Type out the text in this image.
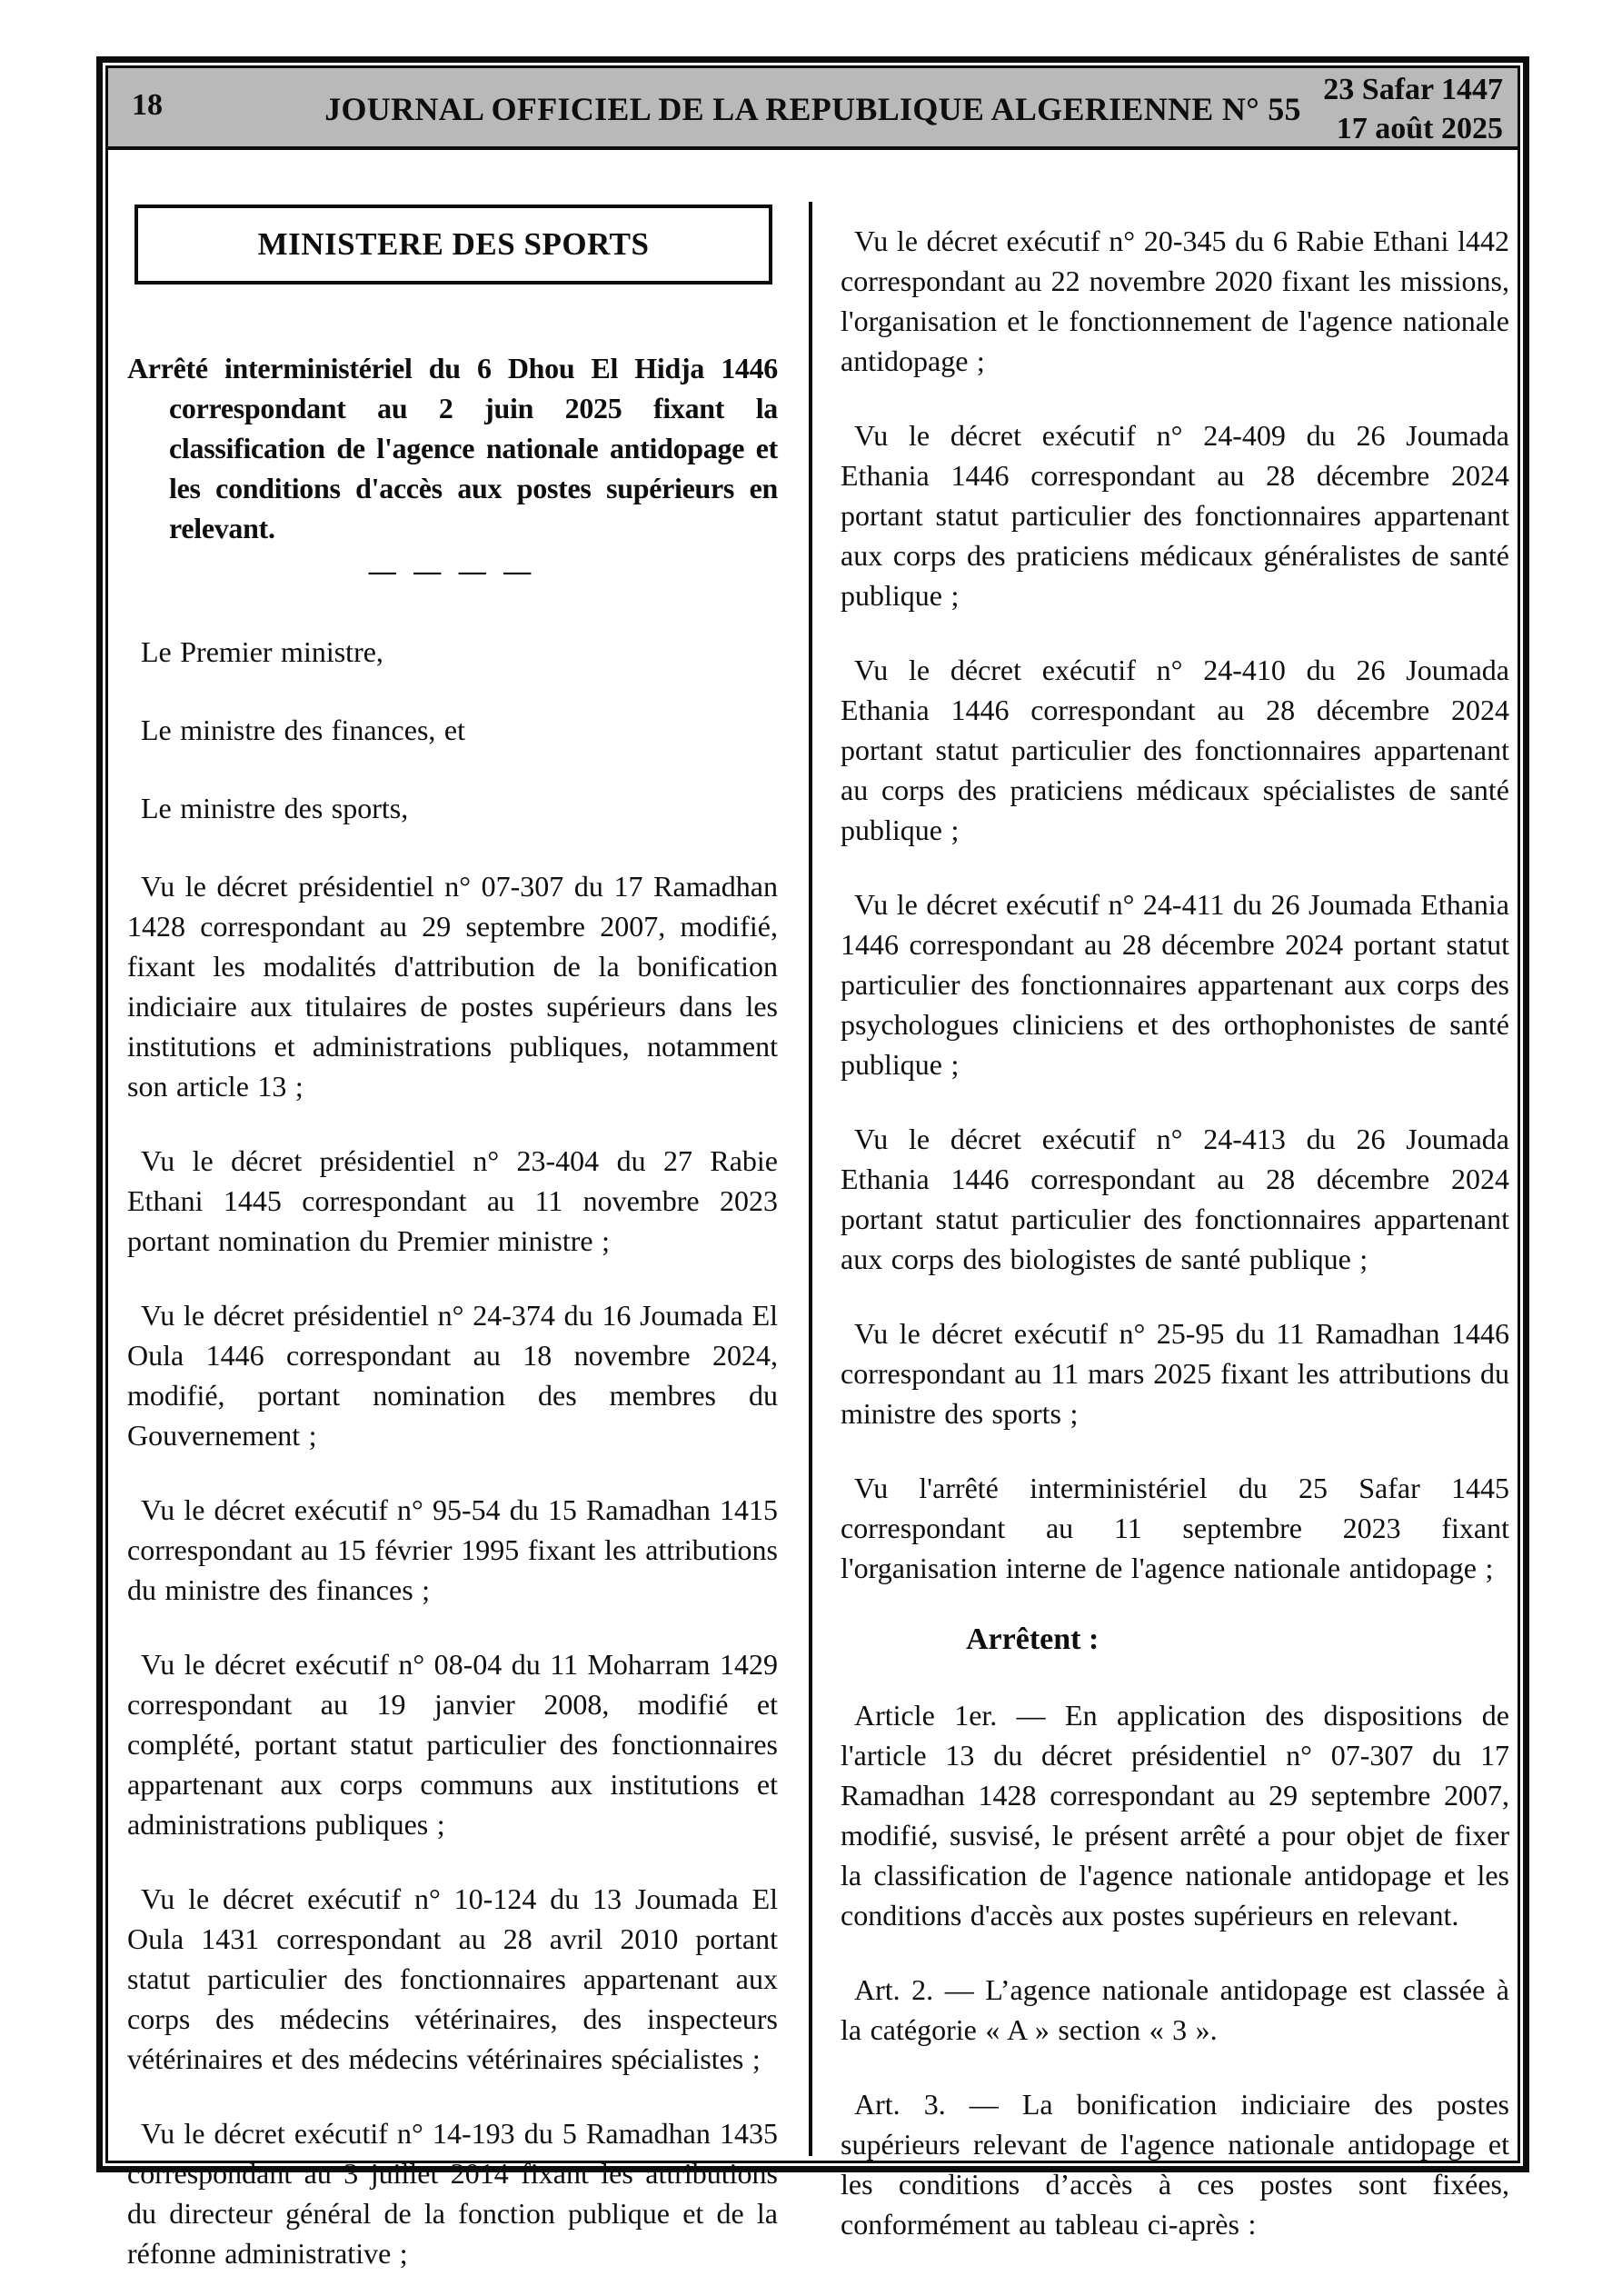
18	JOURNAL OFFICIEL DE LA REPUBLIQUE ALGERIENNE N° 55
23 Safar 1447
17 août 2025
MINISTERE DES SPORTS

Arrêté interministériel du 6 Dhou El Hidja 1446 correspondant au 2 juin 2025 fixant la classification de l'agence nationale antidopage et les conditions d'accès aux postes supérieurs en relevant.

— — — —

Le Premier ministre,

Le ministre des finances, et

Le ministre des sports,

Vu le décret présidentiel n° 07-307 du 17 Ramadhan 1428 correspondant au 29 septembre 2007, modifié, fixant les modalités d'attribution de la bonification indiciaire aux titulaires de postes supérieurs dans les institutions et administrations publiques, notamment son article 13 ;

Vu le décret présidentiel n° 23-404 du 27 Rabie Ethani 1445 correspondant au 11 novembre 2023 portant nomination du Premier ministre ;

Vu le décret présidentiel n° 24-374 du 16 Joumada El Oula 1446 correspondant au 18 novembre 2024, modifié, portant nomination des membres du Gouvernement ;

Vu le décret exécutif n° 95-54 du 15 Ramadhan 1415 correspondant au 15 février 1995 fixant les attributions du ministre des finances ;

Vu le décret exécutif n° 08-04 du 11 Moharram 1429 correspondant au 19 janvier 2008, modifié et complété, portant statut particulier des fonctionnaires appartenant aux corps communs aux institutions et administrations publiques ;

Vu le décret exécutif n° 10-124 du 13 Joumada El Oula 1431 correspondant au 28 avril 2010 portant statut particulier des fonctionnaires appartenant aux corps des médecins vétérinaires, des inspecteurs vétérinaires et des médecins vétérinaires spécialistes ;

Vu le décret exécutif n° 14-193 du 5 Ramadhan 1435 correspondant au 3 juillet 2014 fixant les attributions du directeur général de la fonction publique et de la réfonne administrative ;

Vu le décret exécutif n° 20-345 du 6 Rabie Ethani l442 correspondant au 22 novembre 2020 fixant les missions, l'organisation et le fonctionnement de l'agence nationale antidopage ;

Vu le décret exécutif n° 24-409 du 26 Joumada Ethania 1446 correspondant au 28 décembre 2024 portant statut particulier des fonctionnaires appartenant aux corps des praticiens médicaux généralistes de santé publique ;

Vu le décret exécutif n° 24-410 du 26 Joumada Ethania 1446 correspondant au 28 décembre 2024 portant statut particulier des fonctionnaires appartenant au corps des praticiens médicaux spécialistes de santé publique ;

Vu le décret exécutif n° 24-411 du 26 Joumada Ethania 1446 correspondant au 28 décembre 2024 portant statut particulier des fonctionnaires appartenant aux corps des psychologues cliniciens et des orthophonistes de santé publique ;

Vu le décret exécutif n° 24-413 du 26 Joumada Ethania 1446 correspondant au 28 décembre 2024 portant statut particulier des fonctionnaires appartenant aux corps des biologistes de santé publique ;

Vu le décret exécutif n° 25-95 du 11 Ramadhan 1446 correspondant au 11 mars 2025 fixant les attributions du ministre des sports ;

Vu l'arrêté interministériel du 25 Safar 1445 correspondant au 11 septembre 2023 fixant l'organisation interne de l'agence nationale antidopage ;

Arrêtent :

Article 1er. — En application des dispositions de l'article 13 du décret présidentiel n° 07-307 du 17 Ramadhan 1428 correspondant au 29 septembre 2007, modifié, susvisé, le présent arrêté a pour objet de fixer la classification de l'agence nationale antidopage et les conditions d'accès aux postes supérieurs en relevant.

Art. 2. — L’agence nationale antidopage est classée à la catégorie « A » section « 3 ».

Art. 3. — La bonification indiciaire des postes supérieurs relevant de l'agence nationale antidopage et les conditions d’accès à ces postes sont fixées, conformément au tableau ci-après :
